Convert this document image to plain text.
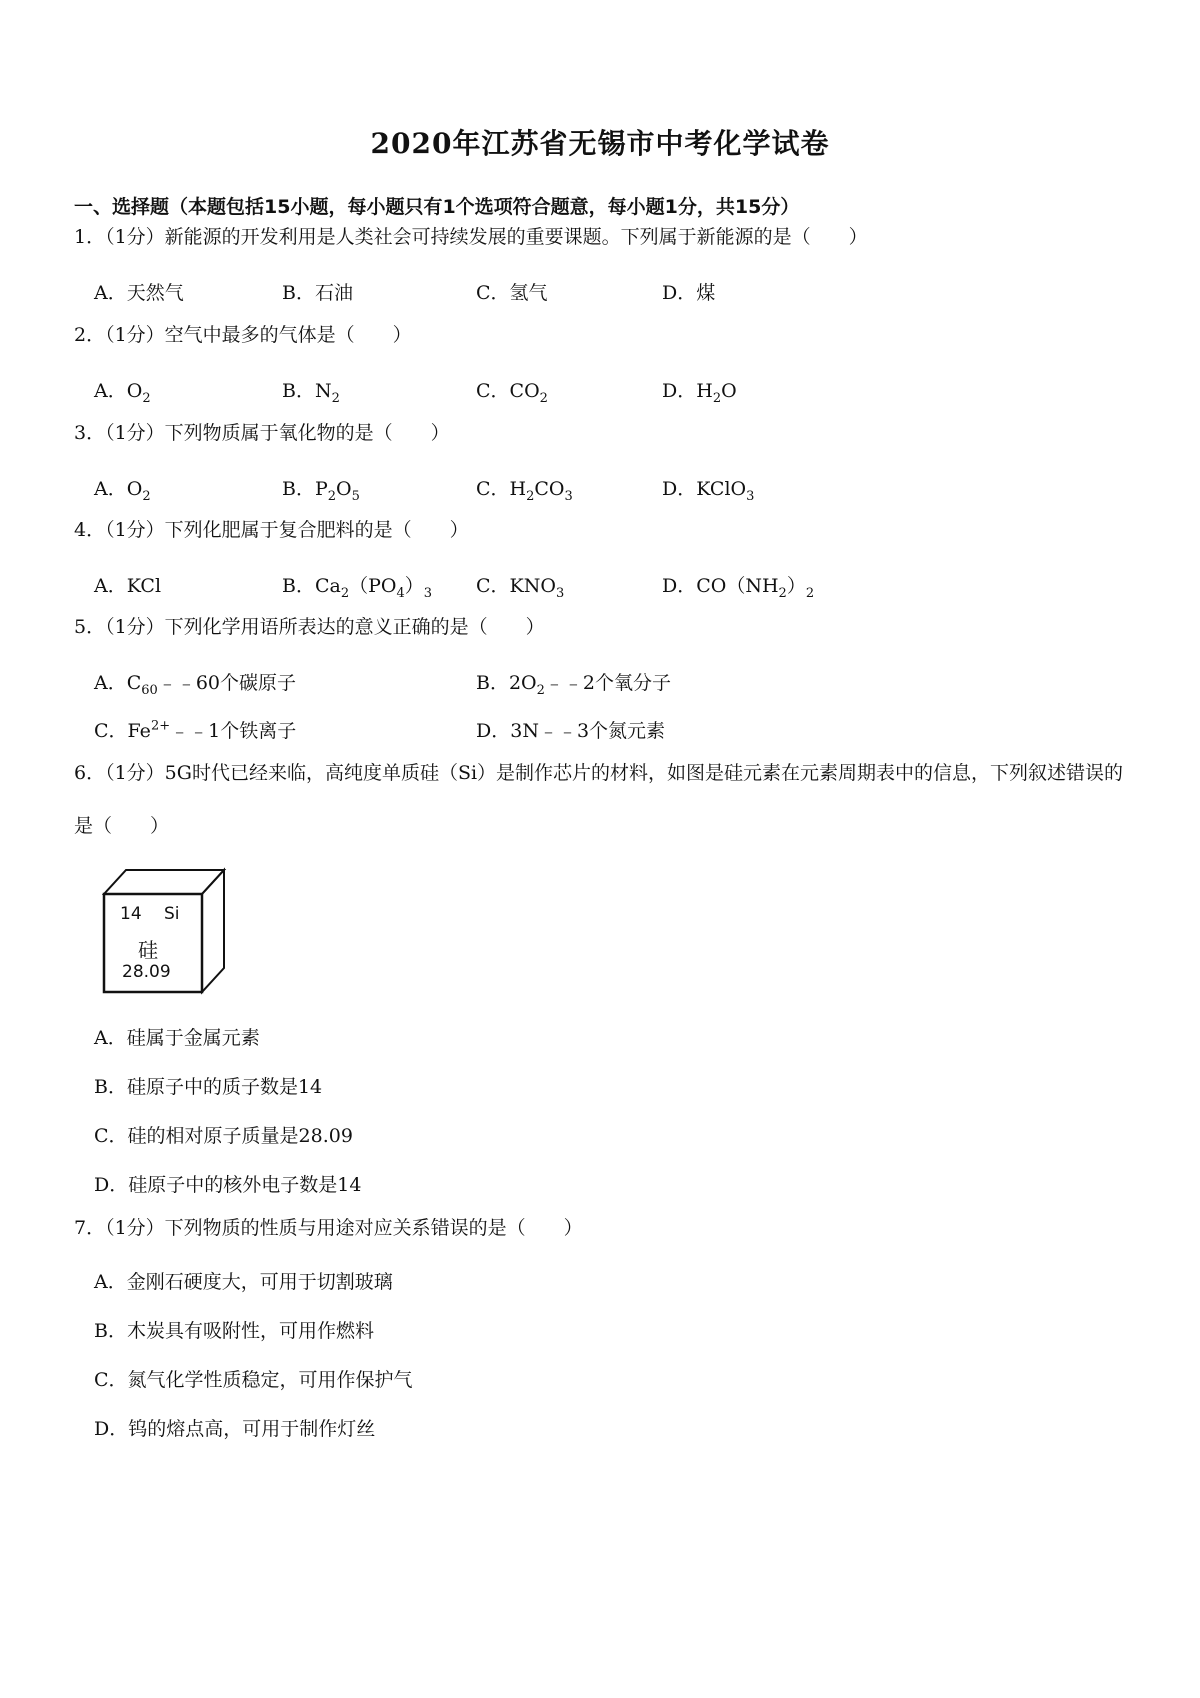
2020年江苏省无锡市中考化学试卷
一、选择题（本题包括15小题，每小题只有1个选项符合题意，每小题1分，共15分）
1．（1分）新能源的开发利用是人类社会可持续发展的重要课题。下列属于新能源的是（　　）
A．天然气	B．石油	C．氢气	D．煤
2．（1分）空气中最多的气体是（　　）
A．$O_2$	B．$N_2$	C．$CO_2$	D．$H_2O$
3．（1分）下列物质属于氧化物的是（　　）
A．$O_2$	B．$P_2O_5$	C．$H_2CO_3$	D．KClO$_3$
4．（1分）下列化肥属于复合肥料的是（　　）
A．KCl	B．$Ca_2(PO_4)_3$ C．$KNO_3$	D．$CO(NH_2)_2$
5．（1分）下列化学用语所表达的意义正确的是（　　）
A．$C_{60}﹣﹣60$个碳原子	B．$2O_2﹣﹣2$个氧分子
C．$Fe^{2+}﹣﹣1$个铁离子	D．3N﹣﹣3个氮元素
6．（1分）5G时代已经来临，高纯度单质硅（Si）是制作芯片的材料，如图是硅元素在元素周期表中的信息，下列叙述错误的是（　　）
14 Si
硅
28.09
A．硅属于金属元素
B．硅原子中的质子数是14
C．硅的相对原子质量是28.09
D．硅原子中的核外电子数是14
7．（1分）下列物质的性质与用途对应关系错误的是（　　）
A．金刚石硬度大，可用于切割玻璃
B．木炭具有吸附性，可用作燃料
C．氮气化学性质稳定，可用作保护气
D．钨的熔点高，可用于制作灯丝
